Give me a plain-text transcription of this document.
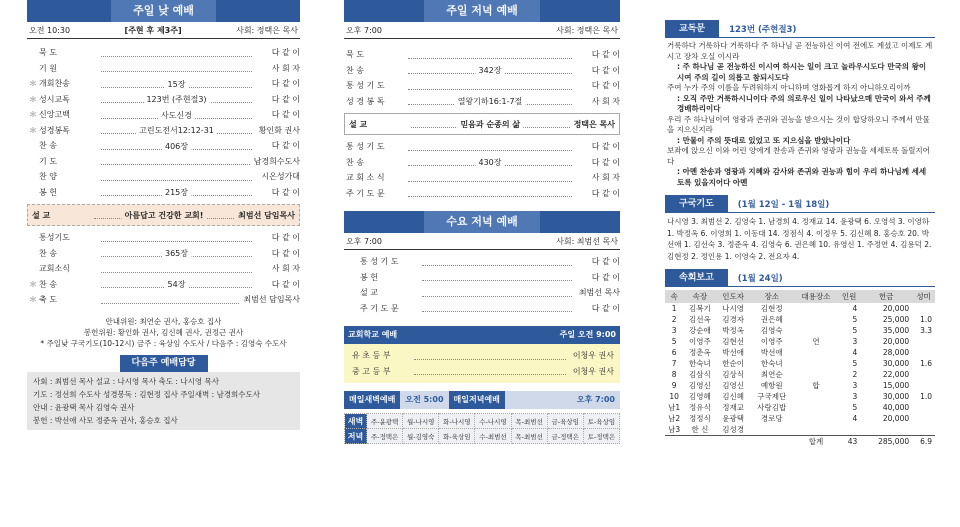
주일 낮 예배
오전 10:30	[주현 후 제3주]	사회: 정택은 목사
묵 도	다 같 이
기 원	사 회 자
＊ 개회찬송	15장	다 같 이
＊ 성시교독	123번 (주현절3)	다 같 이
＊ 신앙고백	사도신경	다 같 이
＊ 성경봉독	고린도전서12:12-31	황인화 권사
찬 송	406장	다 같 이
기 도	남경희수도사
찬 양	시온성가대
봉 헌	215장	다 같 이
설 교	아름답고 건강한 교회!	최범선 담임목사
통성기도	다 같 이
찬 송	365장	다 같 이
교회소식	사 회 자
＊ 찬 송	54장	다 같 이
＊ 축 도	최범선 담임목사
안내위원: 최연순 권사, 홍승호 집사
봉헌위원: 황인화 권사, 김신혜 권사, 권정근 권사
* 주일낮 구국기도(10-12시) 금주 : 육상임 수도사 / 다음주 : 김영숙 수도사
다음주 예배담당
사회 : 최범선 목사 설교 : 나시영 목사 축도 : 나시영 목사
기도 : 정선희 수도사 성경봉독 : 김현정 집사 주일새벽 : 남경희수도사
안내 : 윤광택 목사 김영숙 권사
봉헌 : 박선애 사모 정준옥 권사, 홍승호 집사
주일 저녁 예배
오후 7:00	사회: 정택은 목사
묵 도	다 같 이
찬 송	342장	다 같 이
통 성 기 도	다 같 이
성 경 봉 독	열왕기하16:1-7절	사 회 자
설 교	믿음과 순종의 삶	정택은 목사
통 성 기 도	다 같 이
찬 송	430장	다 같 이
교 회 소 식	사 회 자
주 기 도 문	다 같 이
수요 저녁 예배
오후 7:00	사회: 최범선 목사
통 성 기 도	다 같 이
봉 헌	다 같 이
설 교	최범선 목사
주 기 도 문	다 같 이
교회학교 예배	주일 오전 9:00
유 초 등 부	이청우 권사
중 고 등 부	이청우 권사
매일새벽예배	오전 5:00	매일저녁예배	오후 7:00
새벽	주-윤광택	월-나시영	화-나시영	수-나시영	목-최범선	금-육상임	토-육상임
저녁	주-정택은	월-김영숙	화-육상임	수-최범선	목-최범선	금-정택은	토-정택은
교독문	123번 (주현절3)
거룩하다 거룩하다 거룩하다 주 하나님 곧 전능하신 이여 전에도 계셨고 이제도 계시고 장차 오실 이시라
: 주 하나님 곧 전능하신 이시여 하시는 일이 크고 놀라우시도다 만국의 왕이시여 주의 길이 의롭고 참되시도다
주여 누가 주의 이름을 두려워하지 아니하며 영화롭게 하지 아니하오리이까
: 오직 주만 거룩하시니이다 주의 의로우신 일이 나타났으매 만국이 와서 주께 경배하리이다
우리 주 하나님이여 영광과 존귀와 권능을 받으시는 것이 합당하오니 주께서 만물을 지으신지라
: 만물이 주의 뜻대로 있었고 또 지으심을 받았나이다
보좌에 앉으신 이와 어린 양에게 찬송과 존귀와 영광과 권능을 세세토록 돌릴지어다
: 아멘 찬송과 영광과 지혜와 감사와 존귀와 권능과 힘이 우리 하나님께 세세토록 있을지어다 아멘
구국기도	(1월 12일 - 1월 18일)
나시영 3. 최범선 2. 김영숙 1. 남경희 4. 정재교 14. 윤광택 6. 오영석 3. 이영하 1. 박정옥 6. 이영희 1. 이동대 14. 정점식 4. 이정우 5. 김신혜 8. 홍승호 20. 박선애 1. 김선숙 3. 정준옥 4. 김영숙 6. 권은혜 10. 유영신 1. 주정연 4. 김용덕 2. 김현정 2. 정인용 1. 이영숙 2. 전요자 4.
속회보고	(1월 24일)
속	속장	인도자	장소	대용장소	인원	헌금	성미
1	김복기	나시영	김현정		4	20,000	
2	김선옥	김경자	권은혜		5	25,000	1.0
3	강순애	박정옥	김영숙		5	35,000	3.3
5	이영주	김현선	이영주	연	3	20,000	
6	정춘옥	박선애	박선애		4	28,000	
7	한숙녀	한순이	한숙녀		5	30,000	1.6
8	김삼식	김상식	최연순		2	22,000	
9	김영신	김영신	예항원	합	3	15,000	
10	김영혜	김신혜	구국제단		3	30,000	1.0
남1	정유식	정재교	사랑김밥		5	40,000	
남2	정정식	윤광택	경로당		4	20,000	
남3	한 신	김성경					
				합계	43	285,000	6.9
